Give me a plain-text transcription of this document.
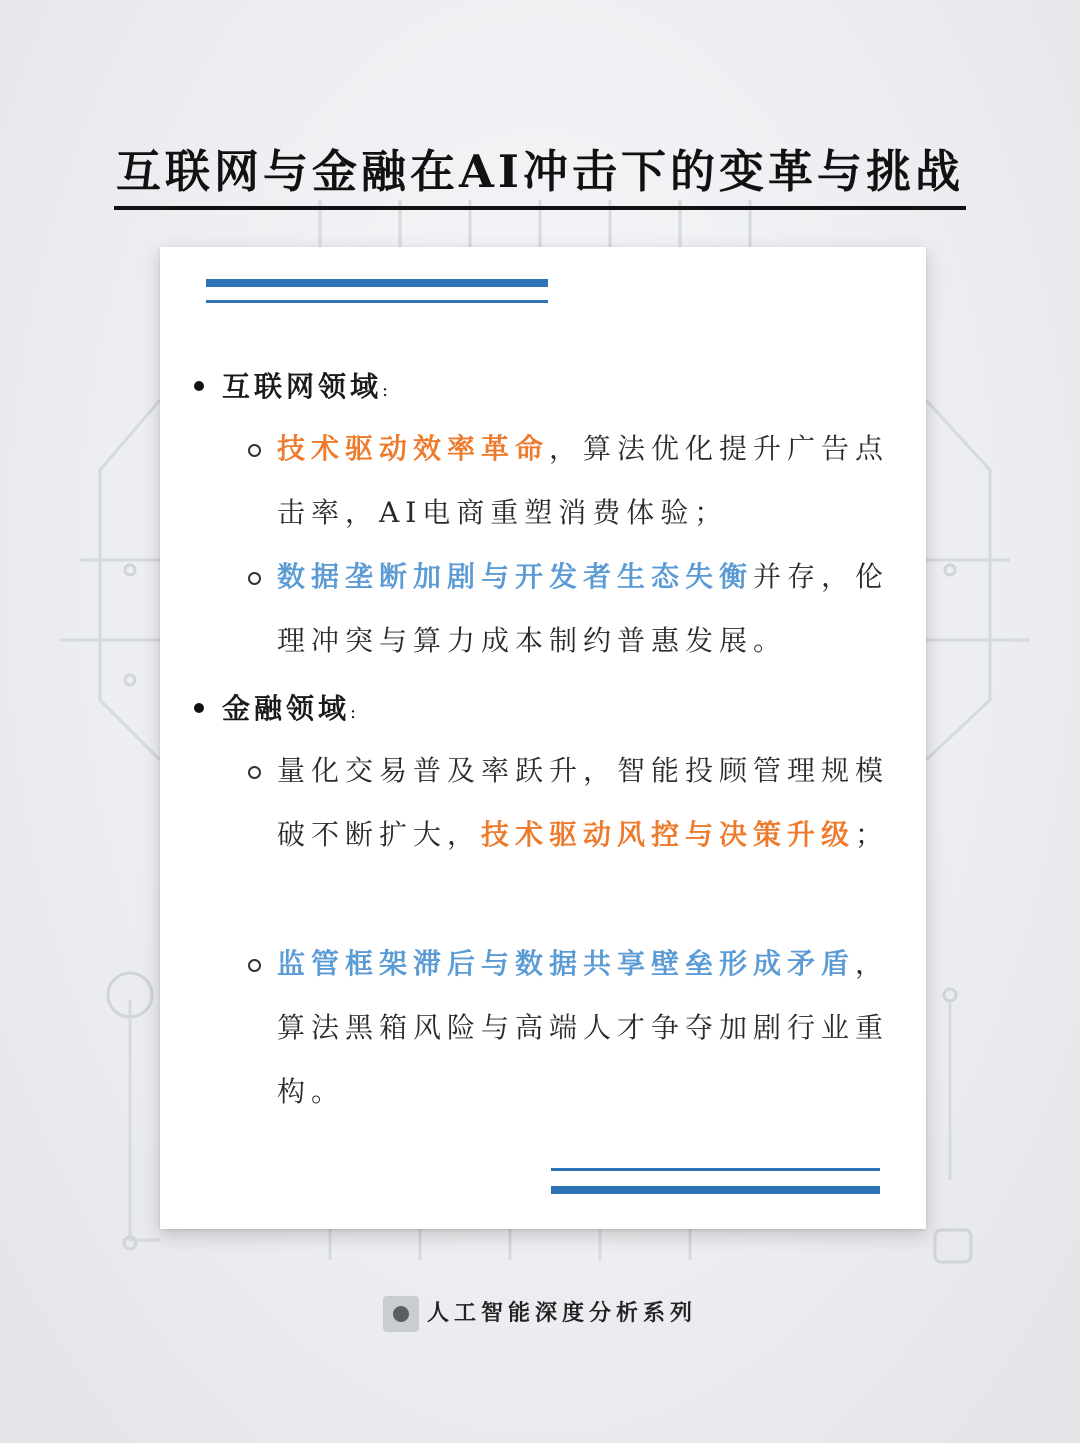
互联网与金融在AI冲击下的变革与挑战
互联网领域:
技术驱动效率革命，算法优化提升广告点击率，AI电商重塑消费体验；
数据垄断加剧与开发者生态失衡并存，伦理冲突与算力成本制约普惠发展。
金融领域:
量化交易普及率跃升，智能投顾管理规模破不断扩大，技术驱动风控与决策升级；
监管框架滞后与数据共享壁垒形成矛盾，算法黑箱风险与高端人才争夺加剧行业重构。
人工智能深度分析系列
